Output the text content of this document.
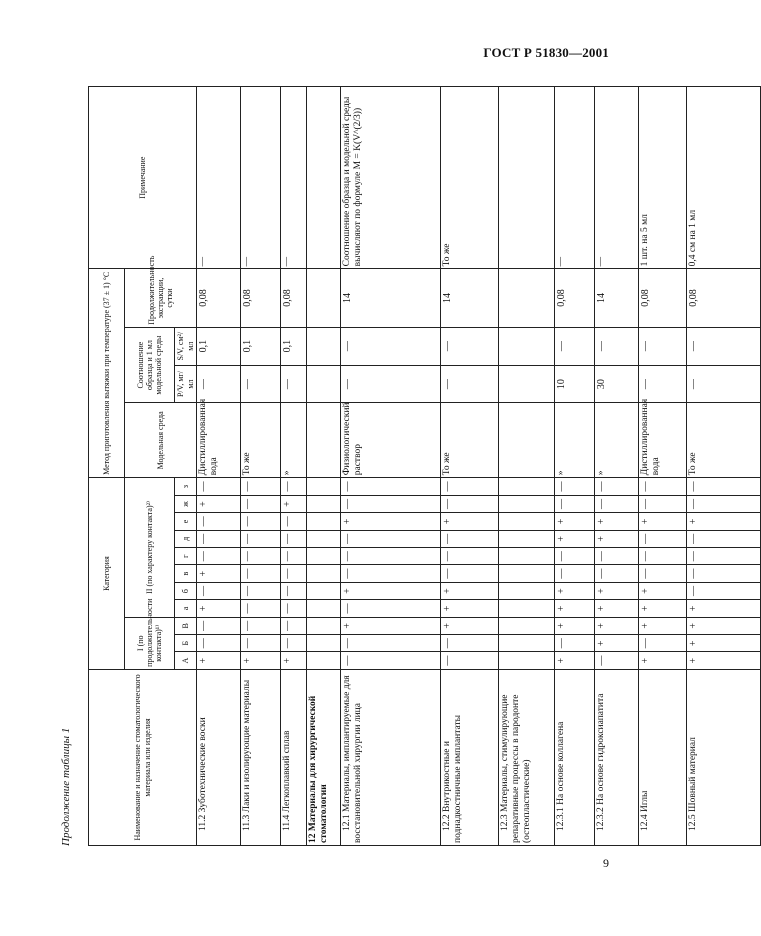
ГОСТ Р 51830—2001
Продолжение таблицы 1	Наименование и назначение стоматологического материала или изделия	Категория											Метод приготовления вытяжки при температуре (37 ± 1) °С				Примечание
	I (по продолжительности контакта)¹⁾			II (по характеру контакта)²⁾								Модельная среда	Соотношение образца и 1 мл модельной среды		Продолжительность экстракции, сутки	
	А	Б	В	а	б	в	г	д	е	ж	з		P/V, мг/мл	S/V, см²/мл		
11.2 Зуботехнические воски	+	—	—	+	—	+	—	—	—	+	—	Дистиллированная вода	—	0,1	0,08	—
11.3 Лаки и изолирующие материалы	+	—	—	—	—	—	—	—	—	—	—	То же	—	0,1	0,08	—
11.4 Легкоплавкий сплав	+	—	—	—	—	—	—	—	—	+	—	»	—	0,1	0,08	—
12 Материалы для хирургической стоматологии																
12.1 Материалы, имплантируемые для восстановительной хирургии лица	—	—	+	—	+	—	—	—	+	—	—	Физиологический раствор	—	—	14	Соотношение образца и модельной среды вычисляют по формуле M = K(V^(2/3))
12.2 Внутрикостные и поднадкостничные имплантаты	—	—	+	+	+	—	—	—	+	—	—	То же	—	—	14	То же
12.3 Материалы, стимулирующие репаративные процессы в пародонте (остеопластические)																
12.3.1 На основе коллагена	+	—	+	+	+	—	—	+	+	—	—	»	10	—	0,08	—
12.3.2 На основе гидроксиапатита	—	+	+	+	+	—	—	+	+	—	—	»	30	—	14	—
12.4 Иглы	+	—	+	+	+	—	—	—	+	—	—	Дистиллированная вода	—	—	0,08	1 шт. на 5 мл
12.5 Шовный материал	+	+	+	+	—	—	—	—	+	—	—	То же	—	—	0,08	0,4 см на 1 мл
9
